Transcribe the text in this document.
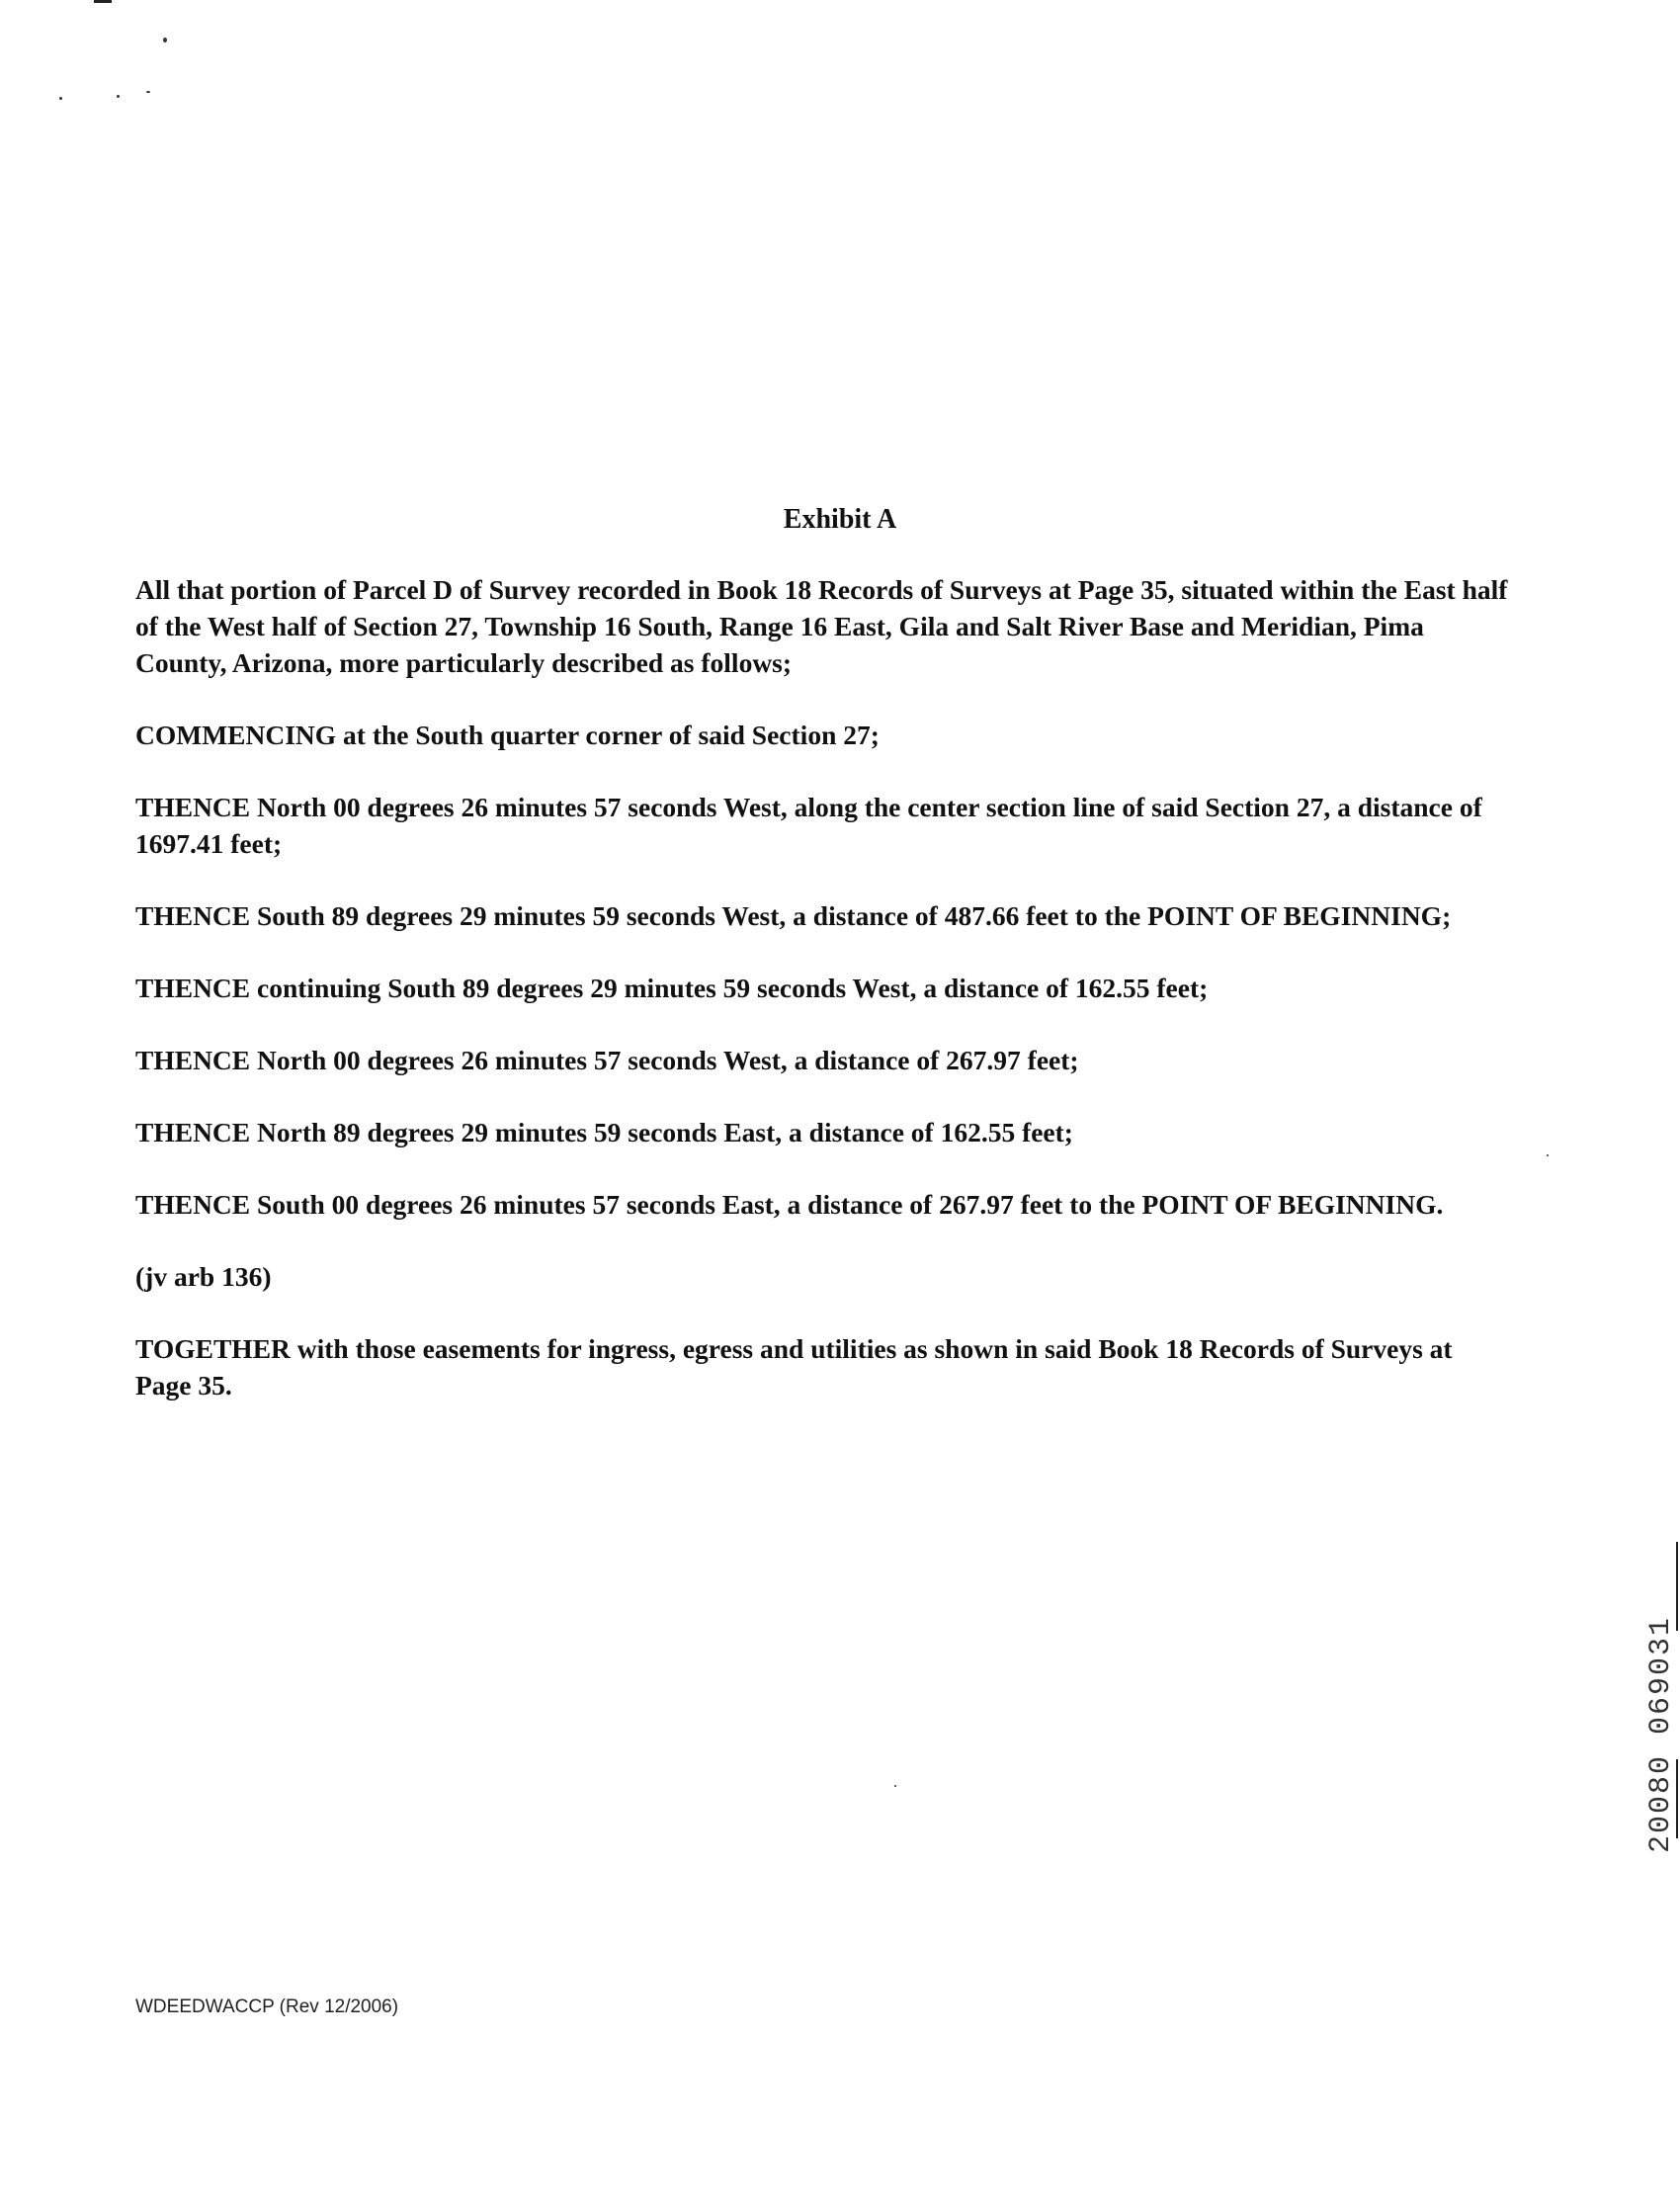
Exhibit A

All that portion of Parcel D of Survey recorded in Book 18 Records of Surveys at Page 35, situated within the East half of the West half of Section 27, Township 16 South, Range 16 East, Gila and Salt River Base and Meridian, Pima County, Arizona, more particularly described as follows;

COMMENCING at the South quarter corner of said Section 27;

THENCE North 00 degrees 26 minutes 57 seconds West, along the center section line of said Section 27, a distance of 1697.41 feet;

THENCE South 89 degrees 29 minutes 59 seconds West, a distance of 487.66 feet to the POINT OF BEGINNING;

THENCE continuing South 89 degrees 29 minutes 59 seconds West, a distance of 162.55 feet;

THENCE North 00 degrees 26 minutes 57 seconds West, a distance of 267.97 feet;

THENCE North 89 degrees 29 minutes 59 seconds East, a distance of 162.55 feet;

THENCE South 00 degrees 26 minutes 57 seconds East, a distance of 267.97 feet to the POINT OF BEGINNING.

(jv arb 136)

TOGETHER with those easements for ingress, egress and utilities as shown in said Book 18 Records of Surveys at Page 35.

20080 069031
WDEEDWACCP (Rev 12/2006)
